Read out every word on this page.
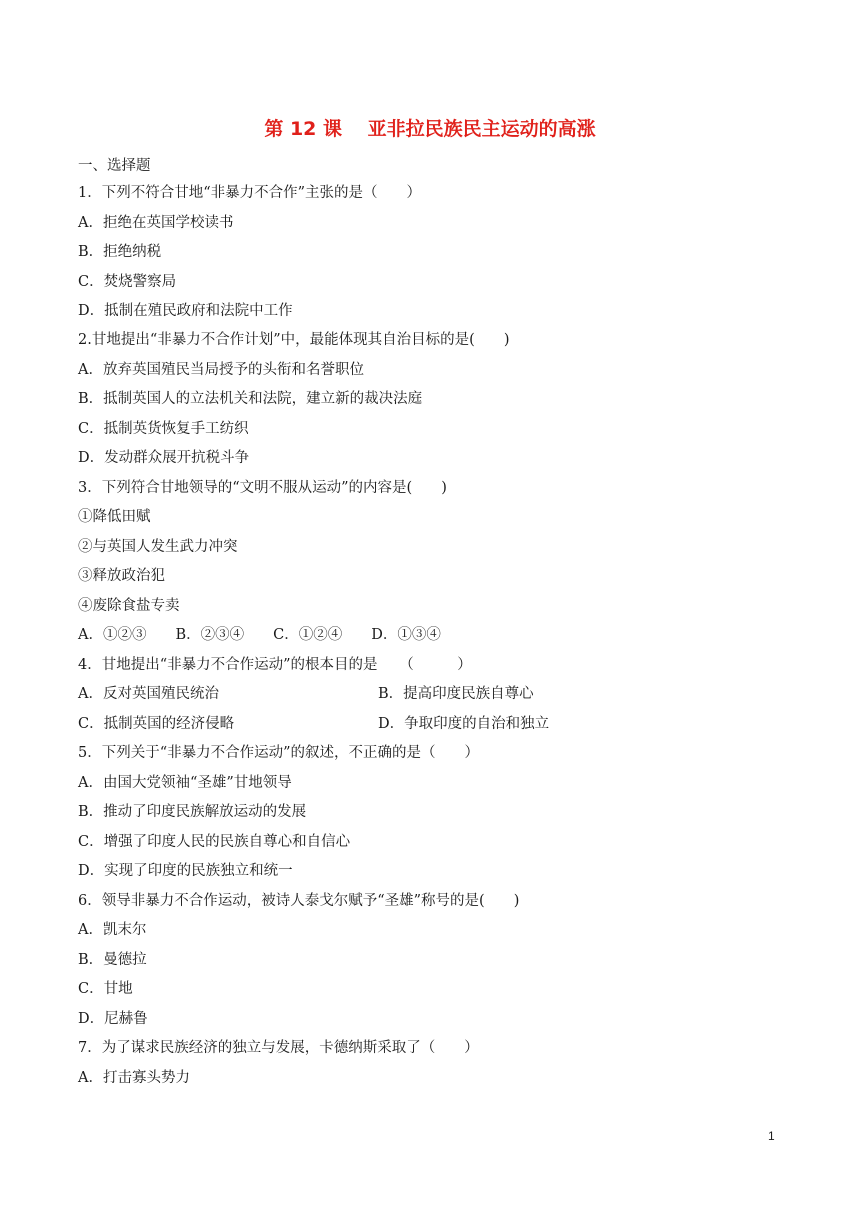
第 12 课　 亚非拉民族民主运动的高涨
一、选择题
1．下列不符合甘地“非暴力不合作”主张的是（　　）
A．拒绝在英国学校读书
B．拒绝纳税
C．焚烧警察局
D．抵制在殖民政府和法院中工作
2.甘地提出“非暴力不合作计划”中，最能体现其自治目标的是(　　)
A．放弃英国殖民当局授予的头衔和名誉职位
B．抵制英国人的立法机关和法院，建立新的裁决法庭
C．抵制英货恢复手工纺织
D．发动群众展开抗税斗争
3．下列符合甘地领导的“文明不服从运动”的内容是(　　)
①降低田赋
②与英国人发生武力冲突
③释放政治犯
④废除食盐专卖
A．①②③　　B．②③④　　C．①②④　　D．①③④
4．甘地提出“非暴力不合作运动”的根本目的是　　（　　　）
A．反对英国殖民统治	B．提高印度民族自尊心
C．抵制英国的经济侵略	D．争取印度的自治和独立
5．下列关于“非暴力不合作运动”的叙述，不正确的是（　　）
A．由国大党领袖“圣雄”甘地领导
B．推动了印度民族解放运动的发展
C．增强了印度人民的民族自尊心和自信心
D．实现了印度的民族独立和统一
6．领导非暴力不合作运动，被诗人泰戈尔赋予“圣雄”称号的是(　　)
A．凯末尔
B．曼德拉
C．甘地
D．尼赫鲁
7．为了谋求民族经济的独立与发展，卡德纳斯采取了（　　）
A．打击寡头势力
1
